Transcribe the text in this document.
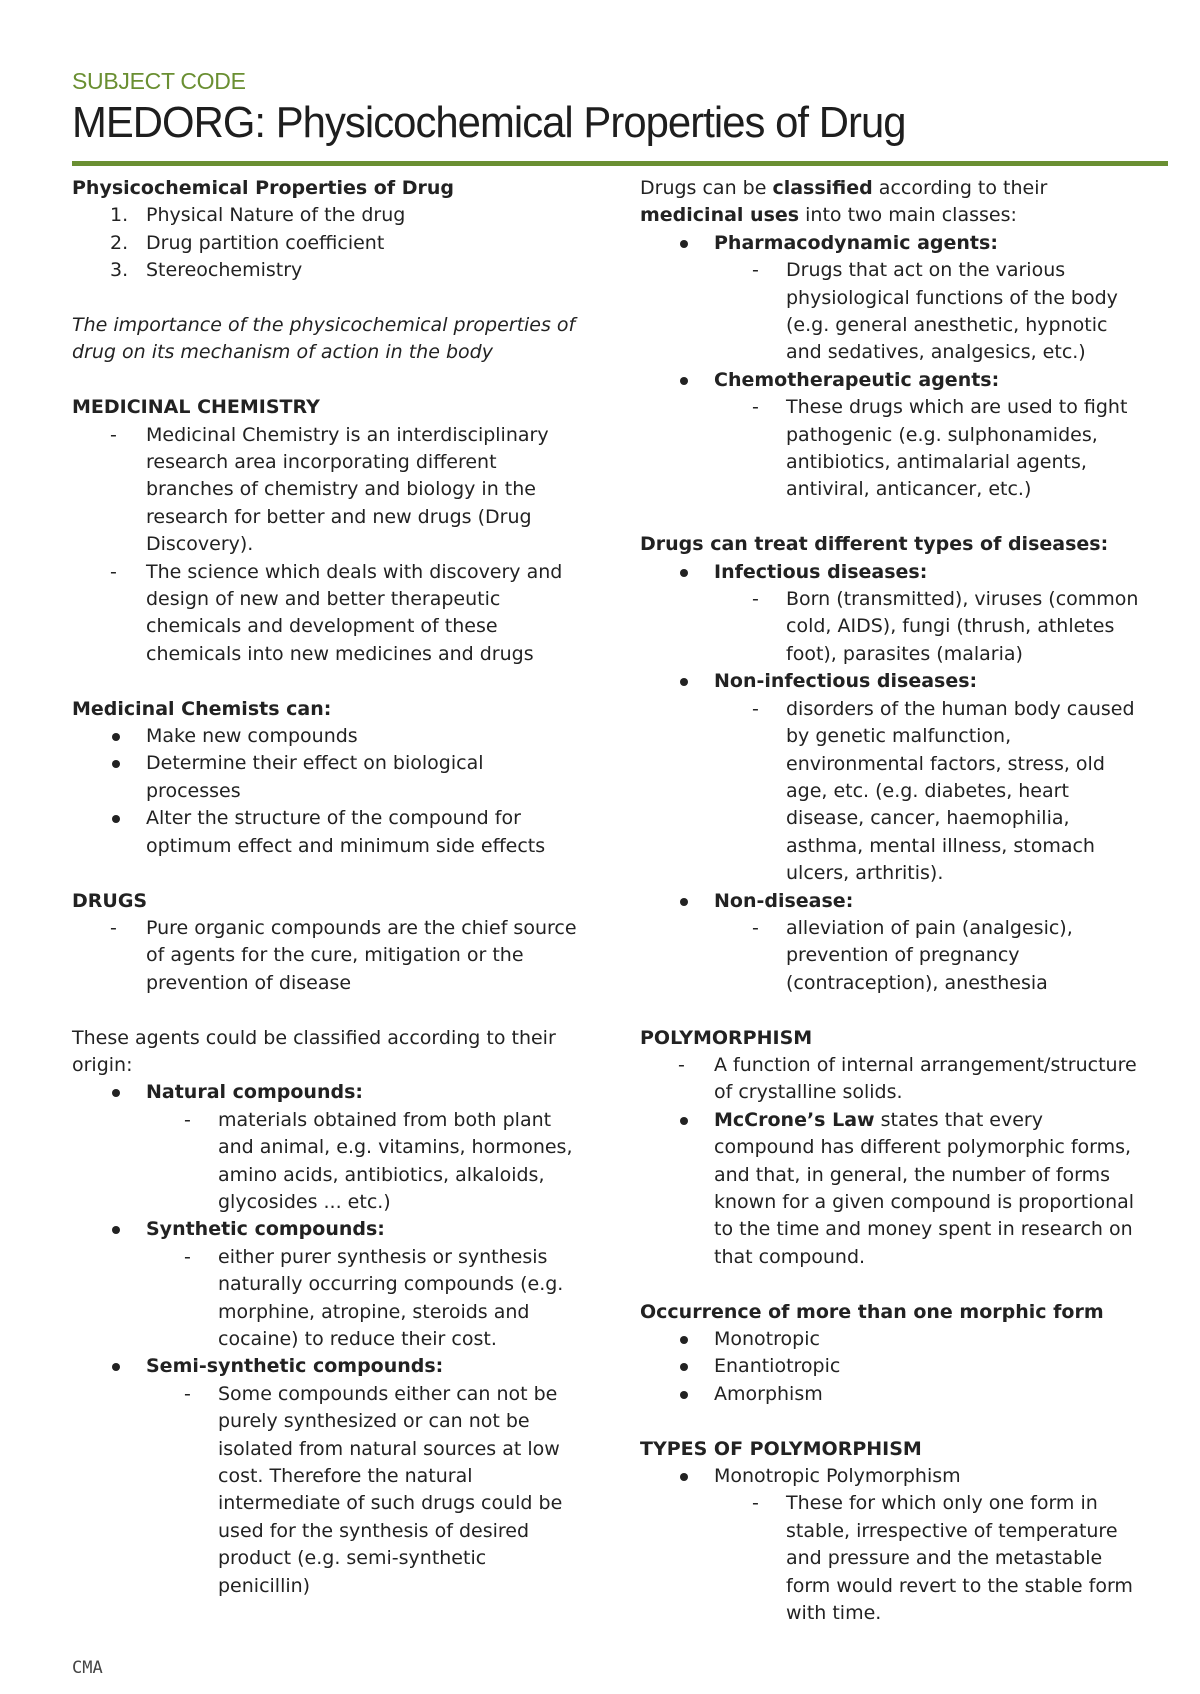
SUBJECT CODE
MEDORG: Physicochemical Properties of Drug

Physicochemical Properties of Drug

1. Physical Nature of the drug
2. Drug partition coefficient
3. Stereochemistry

The importance of the physicochemical properties of drug on its mechanism of action in the body

MEDICINAL CHEMISTRY

- Medicinal Chemistry is an interdisciplinary research area incorporating different branches of chemistry and biology in the research for better and new drugs (Drug Discovery).
- The science which deals with discovery and design of new and better therapeutic chemicals and development of these chemicals into new medicines and drugs

Medicinal Chemists can:

Make new compounds
Determine their effect on biological processes
Alter the structure of the compound for optimum effect and minimum side effects

DRUGS

- Pure organic compounds are the chief source of agents for the cure, mitigation or the prevention of disease

These agents could be classified according to their origin:

Natural compounds:
- materials obtained from both plant and animal, e.g. vitamins, hormones, amino acids, antibiotics, alkaloids, glycosides ... etc.)
Synthetic compounds:
- either purer synthesis or synthesis naturally occurring compounds (e.g. morphine, atropine, steroids and cocaine) to reduce their cost.
Semi-synthetic compounds:
- Some compounds either can not be purely synthesized or can not be isolated from natural sources at low cost. Therefore the natural intermediate of such drugs could be used for the synthesis of desired product (e.g. semi-synthetic penicillin)

Drugs can be classified according to their medicinal uses into two main classes:

Pharmacodynamic agents:
- Drugs that act on the various physiological functions of the body (e.g. general anesthetic, hypnotic and sedatives, analgesics, etc.)
Chemotherapeutic agents:
- These drugs which are used to fight pathogenic (e.g. sulphonamides, antibiotics, antimalarial agents, antiviral, anticancer, etc.)

Drugs can treat different types of diseases:

Infectious diseases:
- Born (transmitted), viruses (common cold, AIDS), fungi (thrush, athletes foot), parasites (malaria)
Non-infectious diseases:
- disorders of the human body caused by genetic malfunction, environmental factors, stress, old age, etc. (e.g. diabetes, heart disease, cancer, haemophilia, asthma, mental illness, stomach ulcers, arthritis).
Non-disease:
- alleviation of pain (analgesic), prevention of pregnancy (contraception), anesthesia

POLYMORPHISM

- A function of internal arrangement/structure of crystalline solids.
McCrone’s Law states that every compound has different polymorphic forms, and that, in general, the number of forms known for a given compound is proportional to the time and money spent in research on that compound.

Occurrence of more than one morphic form

Monotropic
Enantiotropic
Amorphism

TYPES OF POLYMORPHISM

Monotropic Polymorphism
- These for which only one form in stable, irrespective of temperature and pressure and the metastable form would revert to the stable form with time.
CMA
